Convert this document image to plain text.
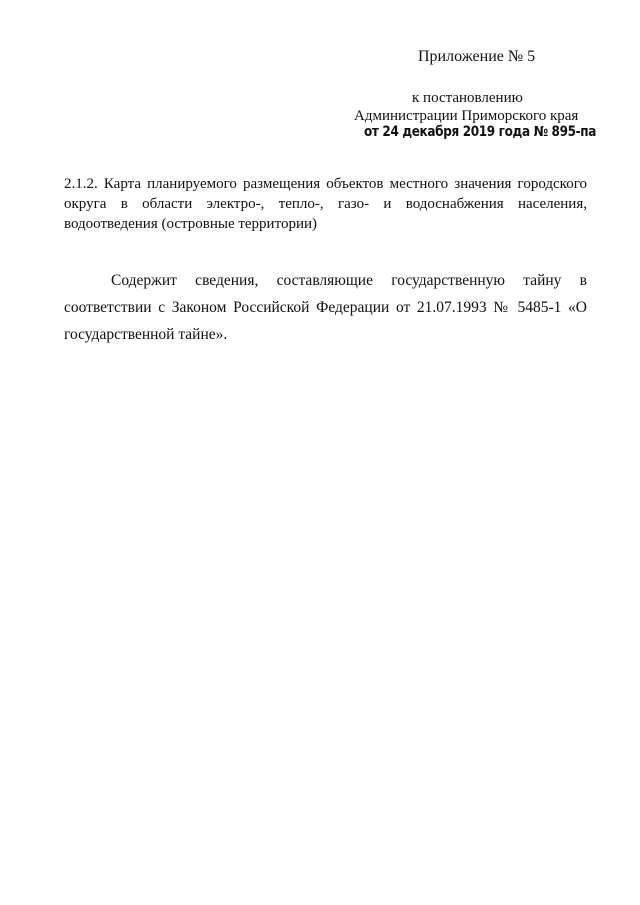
Приложение № 5
к постановлению
Администрации Приморского края
от 24 декабря 2019 года № 895-па

2.1.2. Карта планируемого размещения объектов местного значения городского округа в области электро-, тепло-, газо- и водоснабжения населения, водоотведения (островные территории)

Содержит сведения, составляющие государственную тайну в соответствии с Законом Российской Федерации от 21.07.1993 № 5485-1 «О государственной тайне».
